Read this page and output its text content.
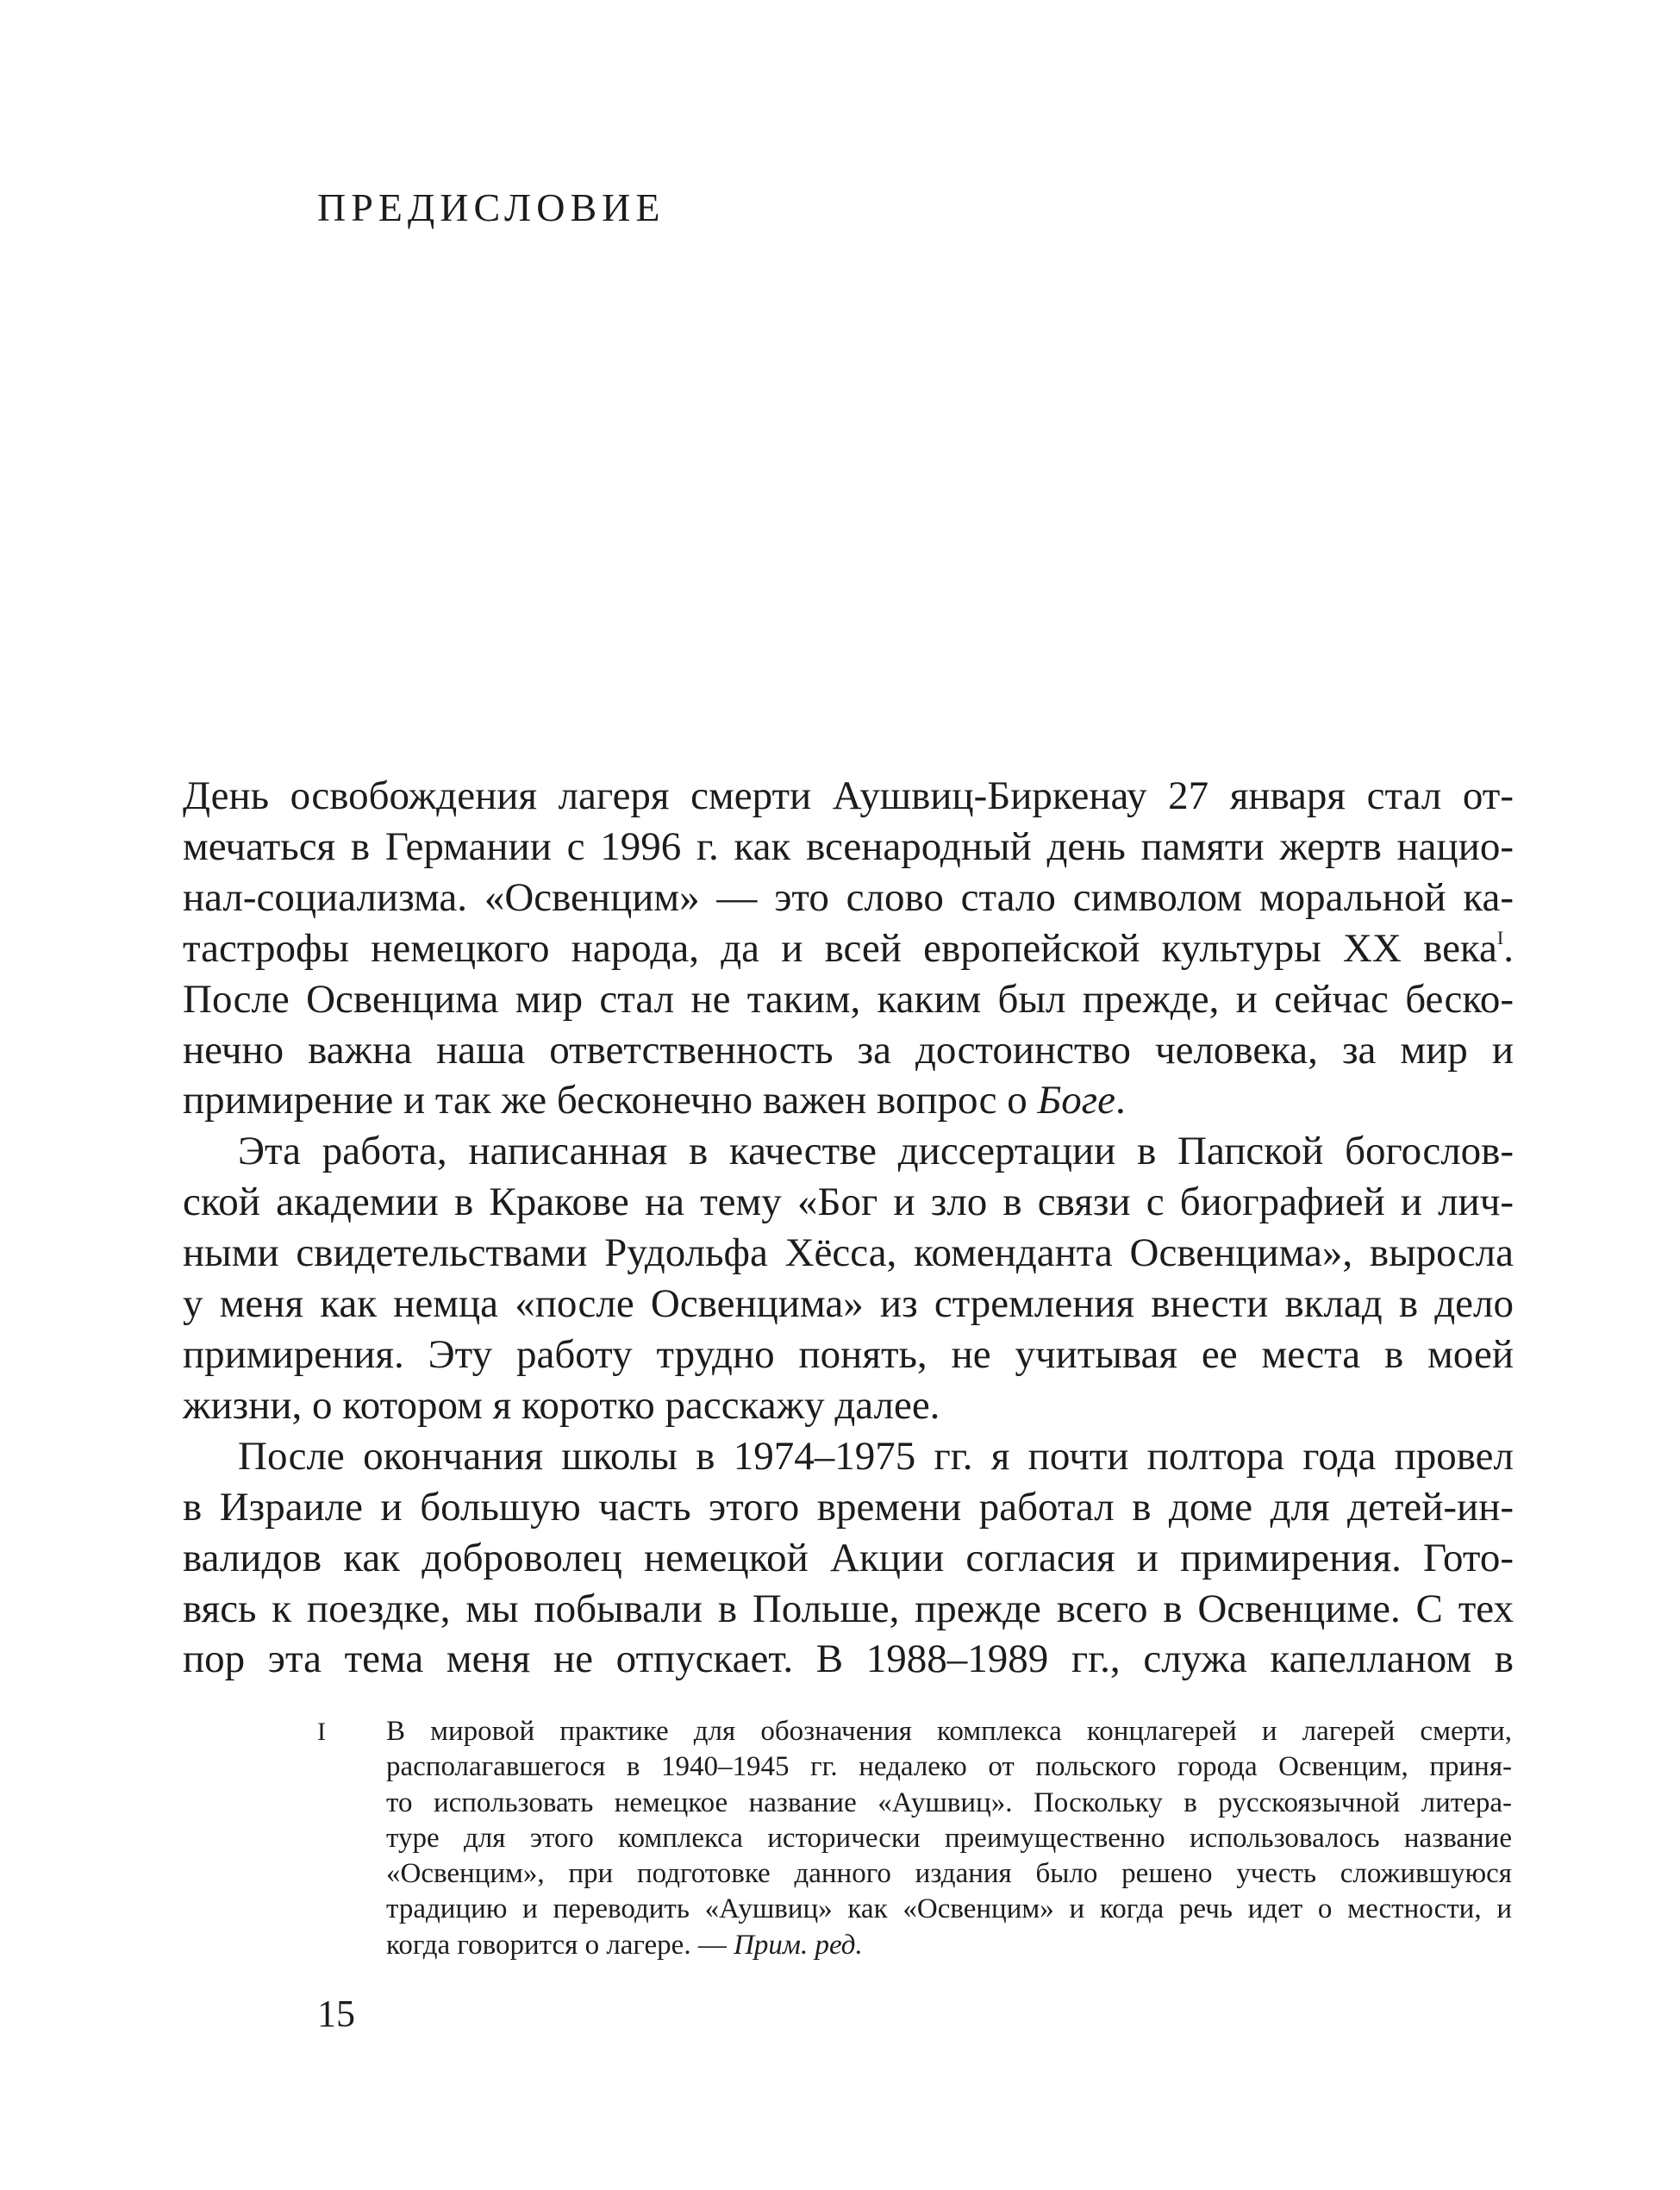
ПРЕДИСЛОВИЕ

День освобождения лагеря смерти Аушвиц-Биркенау 27 января стал от-
мечаться в Германии с 1996 г. как всенародный день памяти жертв нацио-
нал-социализма. «Освенцим» — это слово стало символом моральной ка-
тастрофы немецкого народа, да и всей европейской культуры XX века$^I$.
После Освенцима мир стал не таким, каким был прежде, и сейчас беско-
нечно важна наша ответственность за достоинство человека, за мир и
примирение и так же бесконечно важен вопрос о Боге.

Эта работа, написанная в качестве диссертации в Папской богослов-
ской академии в Кракове на тему «Бог и зло в связи с биографией и лич-
ными свидетельствами Рудольфа Хёсса, коменданта Освенцима», выросла
у меня как немца «после Освенцима» из стремления внести вклад в дело
примирения. Эту работу трудно понять, не учитывая ее места в моей
жизни, о котором я коротко расскажу далее.

После окончания школы в 1974–1975 гг. я почти полтора года провел
в Израиле и большую часть этого времени работал в доме для детей-ин-
валидов как доброволец немецкой Акции согласия и примирения. Гото-
вясь к поездке, мы побывали в Польше, прежде всего в Освенциме. С тех
пор эта тема меня не отпускает. В 1988–1989 гг., служа капелланом в

I В мировой практике для обозначения комплекса концлагерей и лагерей смерти,
располагавшегося в 1940–1945 гг. недалеко от польского города Освенцим, приня-
то использовать немецкое название «Аушвиц». Поскольку в русскоязычной литера-
туре для этого комплекса исторически преимущественно использовалось название
«Освенцим», при подготовке данного издания было решено учесть сложившуюся
традицию и переводить «Аушвиц» как «Освенцим» и когда речь идет о местности, и
когда говорится о лагере. — Прим. ред.
15
